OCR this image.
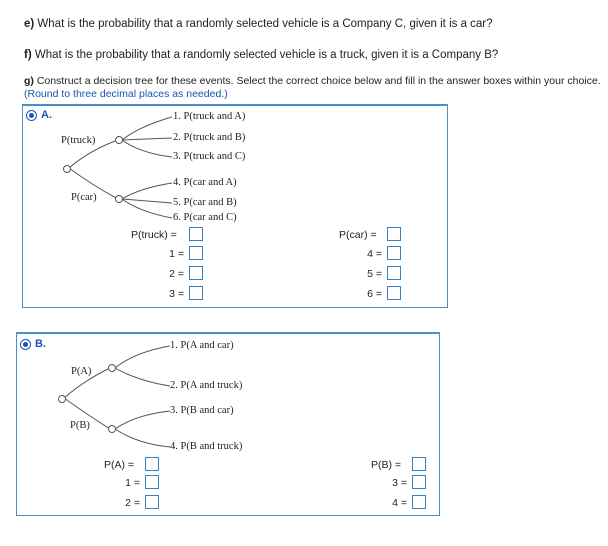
e) What is the probability that a randomly selected vehicle is a Company C, given it is a car?
f) What is the probability that a randomly selected vehicle is a truck, given it is a Company B?
g) Construct a decision tree for these events. Select the correct choice below and fill in the answer boxes within your choice.
(Round to three decimal places as needed.)
A.
P(truck)
P(car)
1. P(truck and A)
2. P(truck and B)
3. P(truck and C)
4. P(car and A)
5. P(car and B)
6. P(car and C)
P(truck) =
1 =
2 =
3 =
P(car) =
4 =
5 =
6 =
B.
P(A)
P(B)
1. P(A and car)
2. P(A and truck)
3. P(B and car)
4. P(B and truck)
P(A) =
1 =
2 =
P(B) =
3 =
4 =
